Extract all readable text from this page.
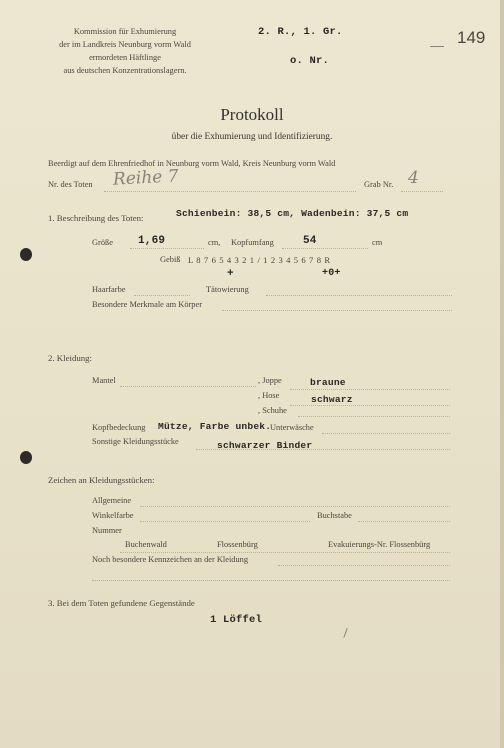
Kommission für Exhumierung
der im Landkreis Neunburg vorm Wald
ermordeten Häftlinge
aus deutschen Konzentrationslagern.
2. R., 1. Gr.
o. Nr.
149
Protokoll
über die Exhumierung und Identifizierung.
Beerdigt auf dem Ehrenfriedhof in Neunburg vorm Wald, Kreis Neunburg vorm Wald
Nr. des Toten Reihe 7	Grab Nr. 4
1. Beschreibung des Toten:	Schienbein: 38,5 cm, Wadenbein: 37,5 cm
Größe 1,69	cm, Kopfumfang	54	cm
Gebiß L 8 7 6 5 4 3 2 1 / 1 2 3 4 5 6 7 8 R
+	+0+
Haarfarbe	Tätowierung
Besondere Merkmale am Körper
2. Kleidung:
Mantel	, Joppe	braune
, Hose	schwarz
, Schuhe
Kopfbedeckung Mütze, Farbe unbek.
Unterwäsche
Sonstige Kleidungsstücke	schwarzer Binder
Zeichen an Kleidungsstücken:
Allgemeine
Winkelfarbe	Buchstabe
Nummer
Buchenwald	Flossenbürg	Evakuierungs-Nr. Flossenbürg
Noch besondere Kennzeichen an der Kleidung
3. Bei dem Toten gefundene Gegenstände
1 Löffel
